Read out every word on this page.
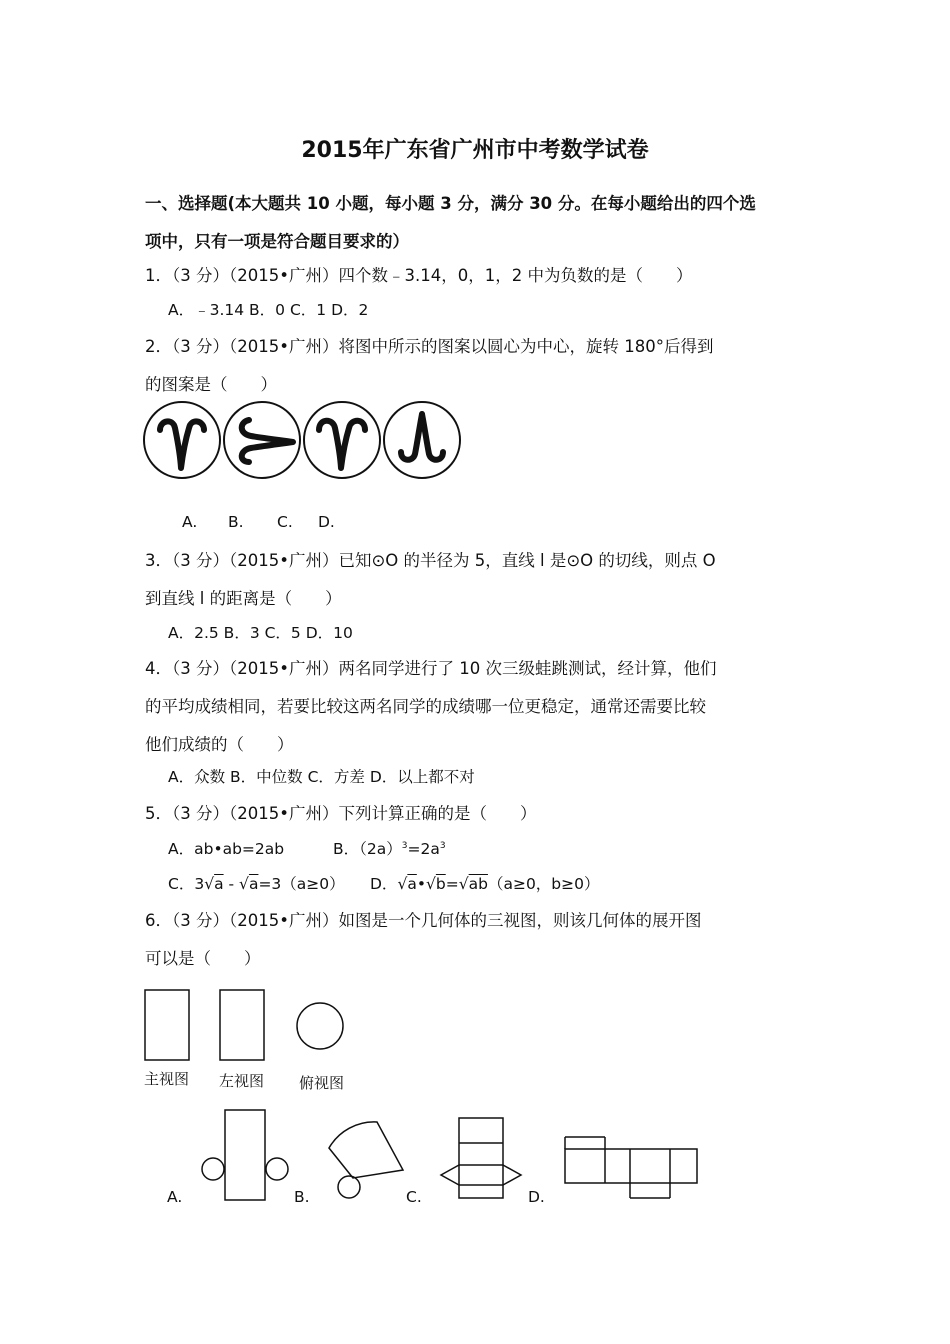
2015年广东省广州市中考数学试卷
一、选择题(本大题共 10 小题，每小题 3 分，满分 30 分。在每小题给出的四个选
项中，只有一项是符合题目要求的）
1．（3 分）（2015•广州）四个数﹣3.14，0，1，2 中为负数的是（　　）
A．﹣3.14 B．0 C．1 D．2
2．（3 分）（2015•广州）将图中所示的图案以圆心为中心，旋转 180°后得到
的图案是（　　）
A. B. C. D.
3．（3 分）（2015•广州）已知⊙O 的半径为 5，直线 l 是⊙O 的切线，则点 O
到直线 l 的距离是（　　）
A．2.5 B．3 C．5 D．10
4．（3 分）（2015•广州）两名同学进行了 10 次三级蛙跳测试，经计算，他们
的平均成绩相同，若要比较这两名同学的成绩哪一位更稳定，通常还需要比较
他们成绩的（　　）
A．众数 B．中位数 C．方差 D．以上都不对
5．（3 分）（2015•广州）下列计算正确的是（　　）
A．ab•ab=2ab	B．$(2a)^3=2a^3$
C．3√a - √a=3（a≥0） D．√a•√b=√ab（a≥0，b≥0）
6．（3 分）（2015•广州）如图是一个几何体的三视图，则该几何体的展开图
可以是（　　）
主视图 左视图 俯视图
A.	B.	C.	D.
